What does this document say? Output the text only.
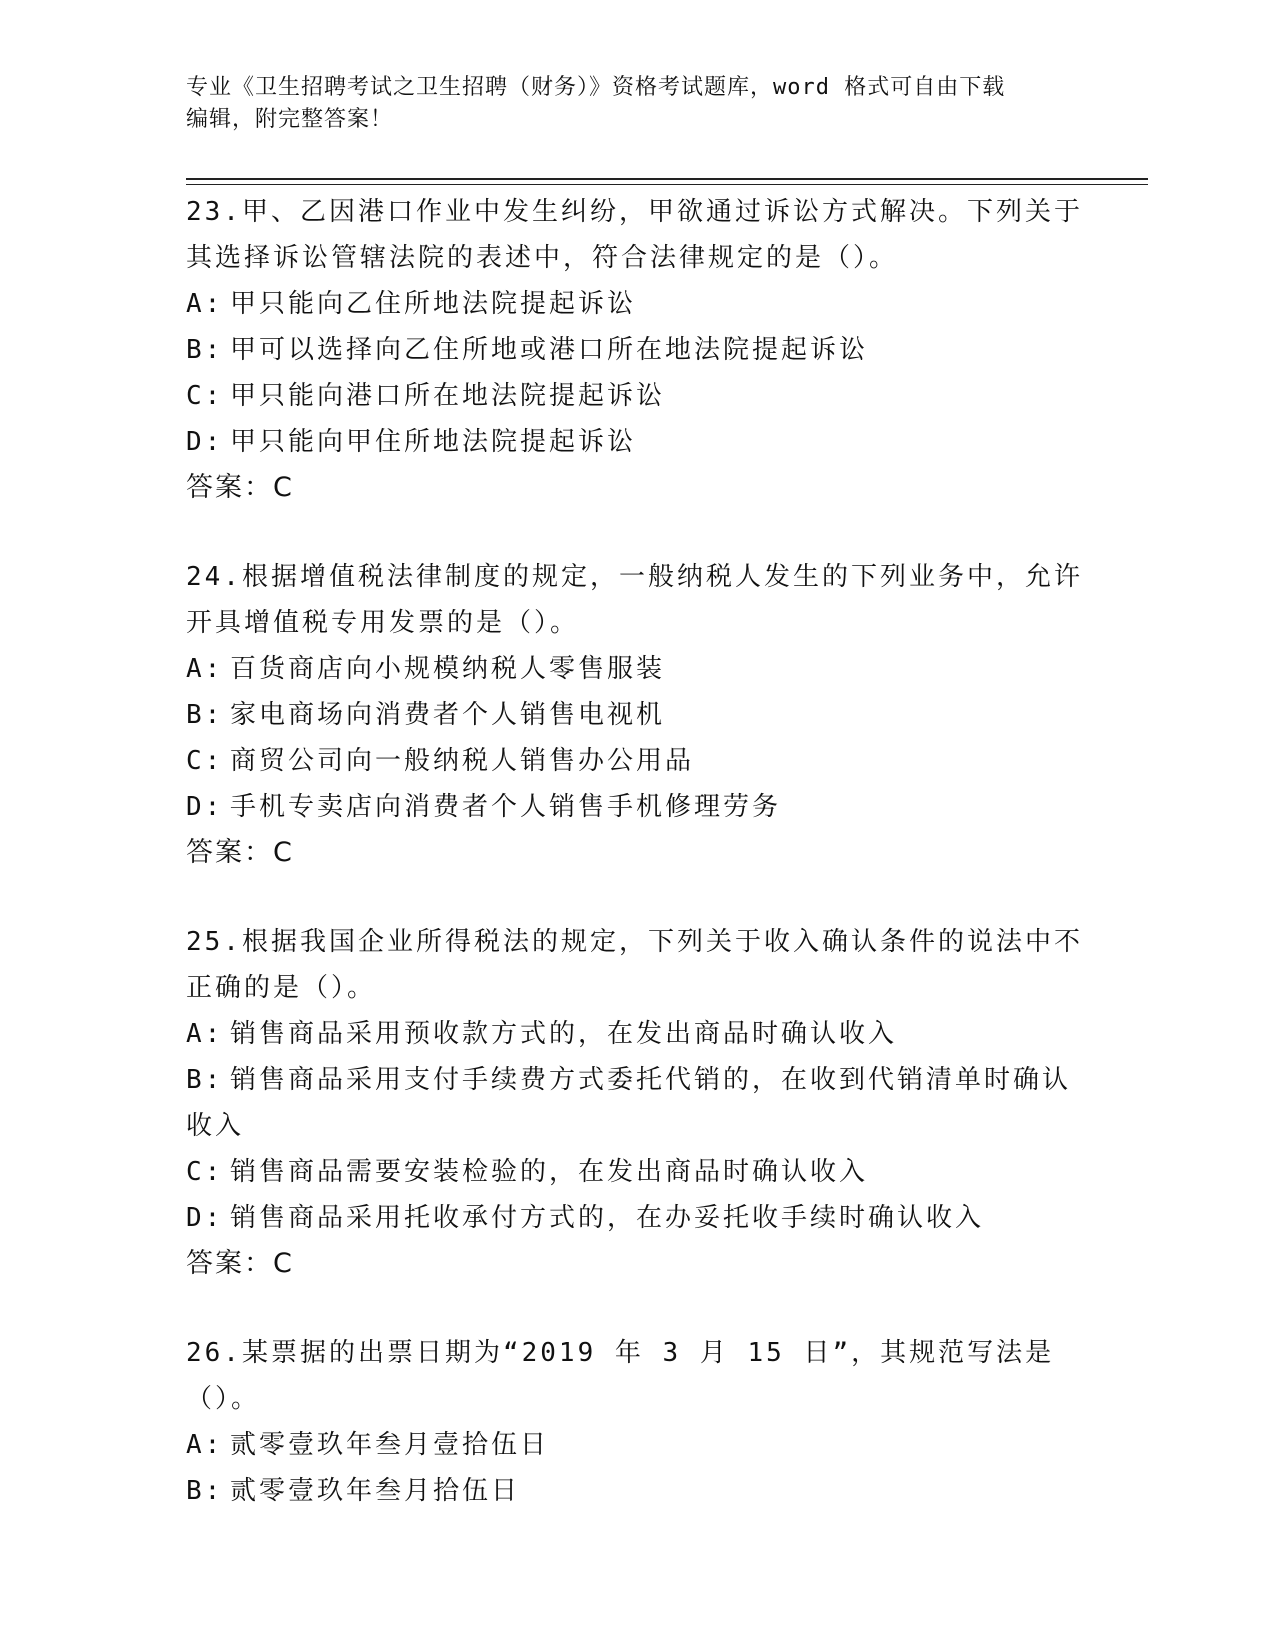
专业《卫生招聘考试之卫生招聘（财务）》资格考试题库，word 格式可自由下载
编辑，附完整答案！

23.甲、乙因港口作业中发生纠纷，甲欲通过诉讼方式解决。下列关于

其选择诉讼管辖法院的表述中，符合法律规定的是（）。

A: 甲只能向乙住所地法院提起诉讼
B: 甲可以选择向乙住所地或港口所在地法院提起诉讼
C: 甲只能向港口所在地法院提起诉讼
D: 甲只能向甲住所地法院提起诉讼

答案：C

24.根据增值税法律制度的规定，一般纳税人发生的下列业务中，允许

开具增值税专用发票的是（）。

A: 百货商店向小规模纳税人零售服装
B: 家电商场向消费者个人销售电视机
C: 商贸公司向一般纳税人销售办公用品
D: 手机专卖店向消费者个人销售手机修理劳务

答案：C

25.根据我国企业所得税法的规定，下列关于收入确认条件的说法中不

正确的是（）。

A: 销售商品采用预收款方式的，在发出商品时确认收入
B: 销售商品采用支付手续费方式委托代销的，在收到代销清单时确认

收入

C: 销售商品需要安装检验的，在发出商品时确认收入
D: 销售商品采用托收承付方式的，在办妥托收手续时确认收入

答案：C

26.某票据的出票日期为“2019 年 3 月 15 日”，其规范写法是（）。

A: 贰零壹玖年叁月壹拾伍日
B: 贰零壹玖年叁月拾伍日
